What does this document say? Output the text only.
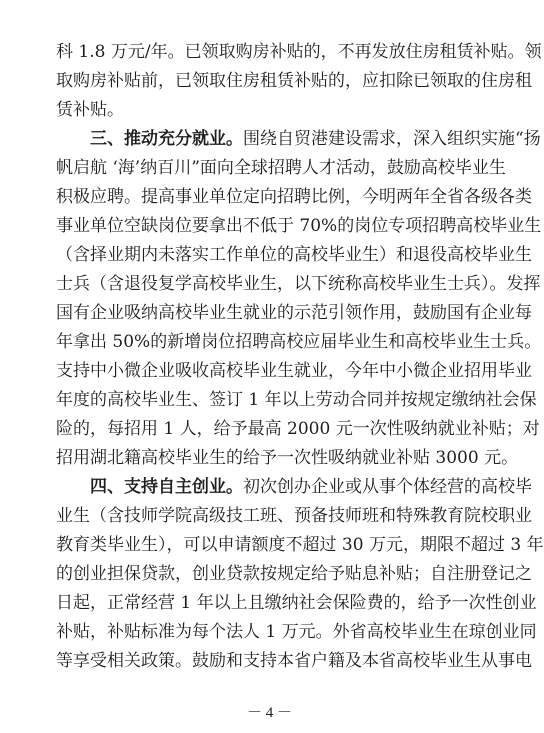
科 1.8 万元/年。已领取购房补贴的，不再发放住房租赁补贴。领
取购房补贴前，已领取住房租赁补贴的，应扣除已领取的住房租
赁补贴。
三、推动充分就业。围绕自贸港建设需求，深入组织实施“扬
帆启航 ‘海’纳百川”面向全球招聘人才活动，鼓励高校毕业生
积极应聘。提高事业单位定向招聘比例，今明两年全省各级各类
事业单位空缺岗位要拿出不低于 70%的岗位专项招聘高校毕业生
（含择业期内未落实工作单位的高校毕业生）和退役高校毕业生
士兵（含退役复学高校毕业生，以下统称高校毕业生士兵）。发挥
国有企业吸纳高校毕业生就业的示范引领作用，鼓励国有企业每
年拿出 50%的新增岗位招聘高校应届毕业生和高校毕业生士兵。
支持中小微企业吸收高校毕业生就业，今年中小微企业招用毕业
年度的高校毕业生、签订 1 年以上劳动合同并按规定缴纳社会保
险的，每招用 1 人，给予最高 2000 元一次性吸纳就业补贴；对
招用湖北籍高校毕业生的给予一次性吸纳就业补贴 3000 元。
四、支持自主创业。初次创办企业或从事个体经营的高校毕
业生（含技师学院高级技工班、预备技师班和特殊教育院校职业
教育类毕业生），可以申请额度不超过 30 万元，期限不超过 3 年
的创业担保贷款，创业贷款按规定给予贴息补贴；自注册登记之
日起，正常经营 1 年以上且缴纳社会保险费的，给予一次性创业
补贴，补贴标准为每个法人 1 万元。外省高校毕业生在琼创业同
等享受相关政策。鼓励和支持本省户籍及本省高校毕业生从事电
－ 4 －
